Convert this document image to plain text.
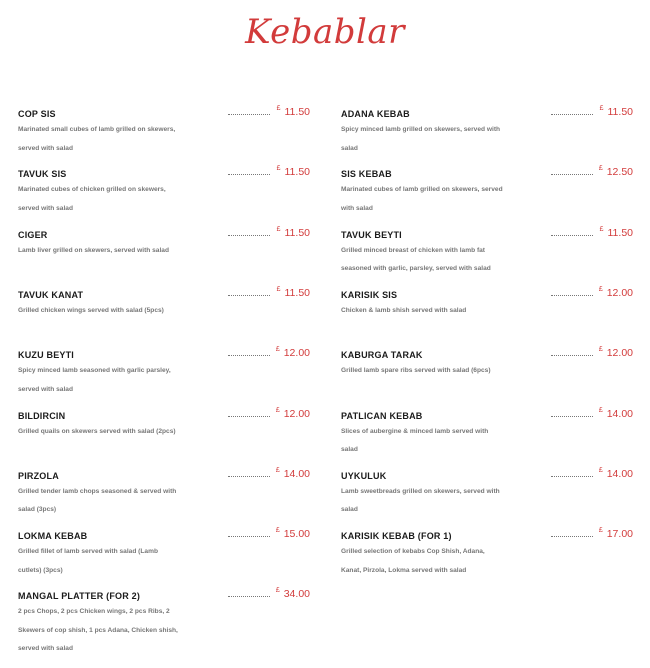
Kebablar
COP SIS
Marinated small cubes of lamb grilled on skewers, served with salad
£ 11.50
TAVUK SIS
Marinated cubes of chicken grilled on skewers, served with salad
£ 11.50
CIGER
Lamb liver grilled on skewers, served with salad
£ 11.50
TAVUK KANAT
Grilled chicken wings served with salad (5pcs)
£ 11.50
KUZU BEYTI
Spicy minced lamb seasoned with garlic parsley, served with salad
£ 12.00
BILDIRCIN
Grilled quails on skewers served with salad (2pcs)
£ 12.00
PIRZOLA
Grilled tender lamb chops seasoned & served with salad (3pcs)
£ 14.00
LOKMA KEBAB
Grilled fillet of lamb served with salad (Lamb cutlets) (3pcs)
£ 15.00
MANGAL PLATTER (FOR 2)
2 pcs Chops, 2 pcs Chicken wings, 2 pcs Ribs, 2 Skewers of cop shish, 1 pcs Adana, Chicken shish, served with salad
£ 34.00
ADANA KEBAB
Spicy minced lamb grilled on skewers, served with salad
£ 11.50
SIS KEBAB
Marinated cubes of lamb grilled on skewers, served with salad
£ 12.50
TAVUK BEYTI
Grilled minced breast of chicken with lamb fat seasoned with garlic, parsley, served with salad
£ 11.50
KARISIK SIS
Chicken & lamb shish served with salad
£ 12.00
KABURGA TARAK
Grilled lamb spare ribs served with salad (6pcs)
£ 12.00
PATLICAN KEBAB
Slices of aubergine & minced lamb served with salad
£ 14.00
UYKULUK
Lamb sweetbreads grilled on skewers, served with salad
£ 14.00
KARISIK KEBAB (FOR 1)
Grilled selection of kebabs Cop Shish, Adana, Kanat, Pirzola, Lokma served with salad
£ 17.00
